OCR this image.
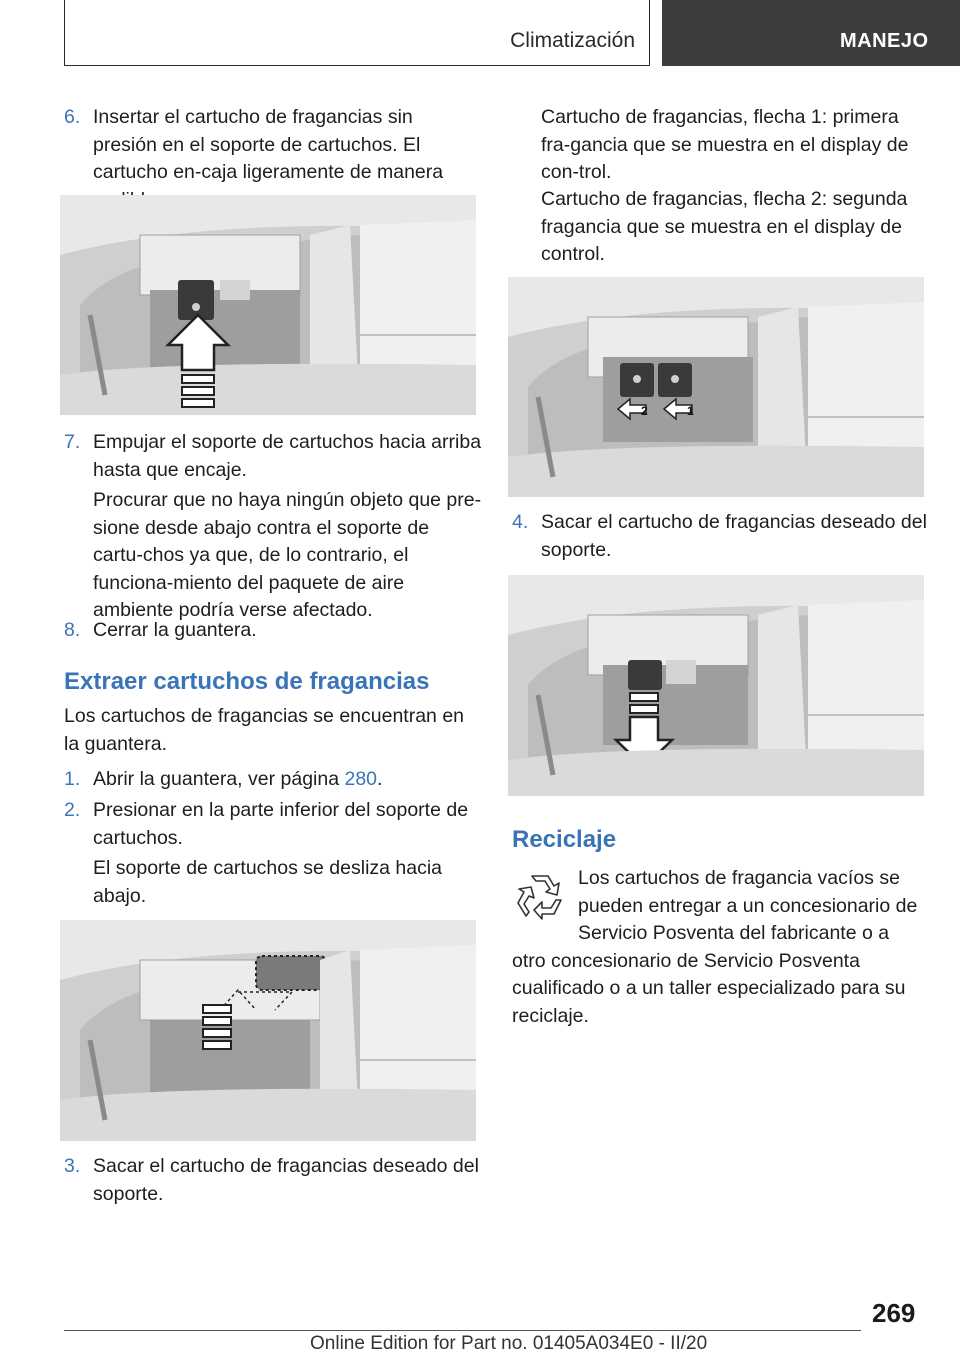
Climatización	MANEJO
6. Insertar el cartucho de fragancias sin presión en el soporte de cartuchos. El cartucho en-caja ligeramente de manera
7. Empujar el soporte de cartuchos hacia arriba hasta que encaje.
Procurar que no haya ningún objeto que pre-sione desde abajo contra el soporte de cartu-chos ya que, de lo contrario, el funciona-miento del paquete de aire ambiente podría verse afectado.
8. Cerrar la guantera.
Extraer cartuchos de fragancias
Los cartuchos de fragancias se encuentran en la guantera.
1. Abrir la guantera, ver página 280.
2. Presionar en la parte inferior del soporte de cartuchos.
El soporte de cartuchos se desliza hacia abajo.
3. Sacar el cartucho de fragancias deseado del soporte.
Cartucho de fragancias, flecha 1: primera fra-gancia que se muestra en el display de con-trol.
Cartucho de fragancias, flecha 2: segunda fragancia que se muestra en el display de control.
2	1
4. Sacar el cartucho de fragancias deseado del soporte.
Reciclaje
Los cartuchos de fragancia vacíos se pueden entregar a un concesionario de Servicio Posventa del fabricante o a otro concesionario de Servicio Posventa cualificado o a un taller especializado para su reciclaje.
269
Online Edition for Part no. 01405A034E0 - II/20
